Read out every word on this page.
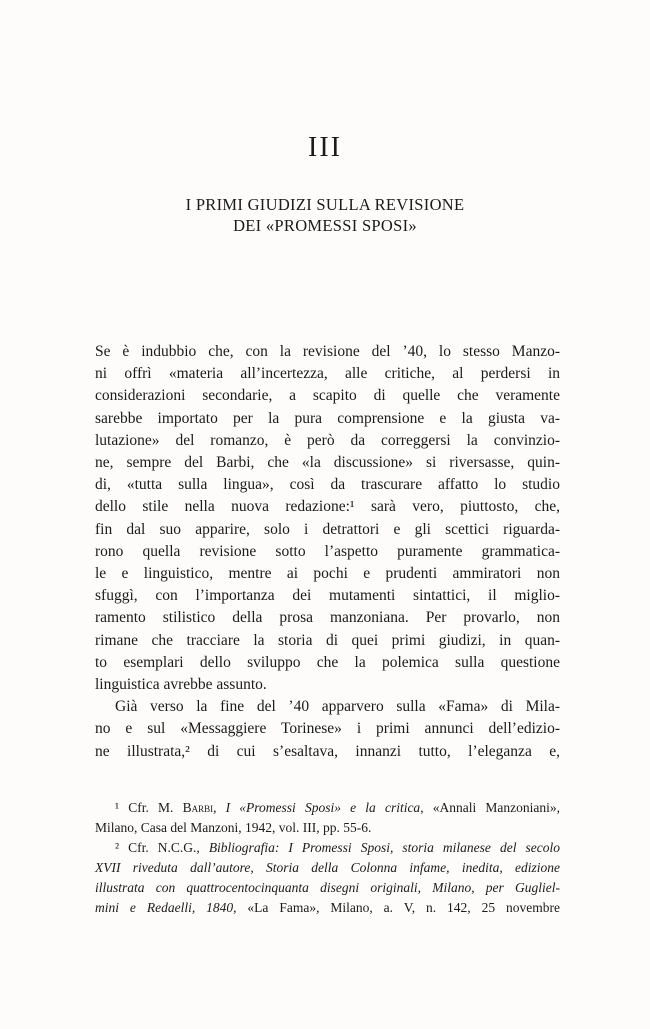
III
I PRIMI GIUDIZI SULLA REVISIONE
DEI «PROMESSI SPOSI»
Se è indubbio che, con la revisione del ’40, lo stesso Manzo-
ni offrì «materia all’incertezza, alle critiche, al perdersi in
considerazioni secondarie, a scapito di quelle che veramente
sarebbe importato per la pura comprensione e la giusta va-
lutazione» del romanzo, è però da correggersi la convinzio-
ne, sempre del Barbi, che «la discussione» si riversasse, quin-
di, «tutta sulla lingua», così da trascurare affatto lo studio
dello stile nella nuova redazione:¹ sarà vero, piuttosto, che,
fin dal suo apparire, solo i detrattori e gli scettici riguarda-
rono quella revisione sotto l’aspetto puramente grammatica-
le e linguistico, mentre ai pochi e prudenti ammiratori non
sfuggì, con l’importanza dei mutamenti sintattici, il miglio-
ramento stilistico della prosa manzoniana. Per provarlo, non
rimane che tracciare la storia di quei primi giudizi, in quan-
to esemplari dello sviluppo che la polemica sulla questione
linguistica avrebbe assunto.
Già verso la fine del ’40 apparvero sulla «Fama» di Mila-
no e sul «Messaggiere Torinese» i primi annunci dell’edizio-
ne illustrata,² di cui s’esaltava, innanzi tutto, l’eleganza e,
¹ Cfr. M. Barbi, I «Promessi Sposi» e la critica, «Annali Manzoniani»,
Milano, Casa del Manzoni, 1942, vol. III, pp. 55-6.
² Cfr. N.C.G., Bibliografia: I Promessi Sposi, storia milanese del secolo
XVII riveduta dall’autore, Storia della Colonna infame, inedita, edizione
illustrata con quattrocentocinquanta disegni originali, Milano, per Gugliel-
mini e Redaelli, 1840, «La Fama», Milano, a. V, n. 142, 25 novembre
